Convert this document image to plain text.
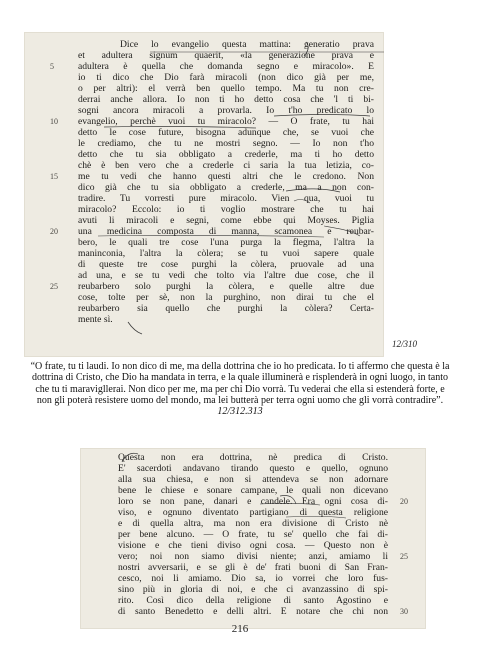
Dice lo evangelio questa mattina: generatio prava
et adultera signum quaerit, «la generazione prava e
adultera è quella che domanda segno e miracolo». E
io ti dico che Dio farà miracoli (non dico già per me,
o per altri): el verrà ben quello tempo. Ma tu non cre-
derrai anche allora. Io non ti ho detto cosa che 'l ti bi-
sogni ancora miracoli a provarla. Io t'ho predicato lo
evangelio, perchè vuoi tu miracolo? — O frate, tu hai
detto le cose future, bisogna adunque che, se vuoi che
le crediamo, che tu ne mostri segno. — Io non t'ho
detto che tu sia obbligato a crederle, ma ti ho detto
chè è ben vero che a crederle ci saria la tua letizia, co-
me tu vedi che hanno questi altri che le credono. Non
dico già che tu sia obbligato a crederle, ma a non con-
tradire. Tu vorresti pure miracolo. Vien qua, vuoi tu
miracolo? Eccolo: io ti voglio mostrare che tu hai
avuti li miracoli e segni, come ebbe qui Moyses. Piglia
una medicina composta di manna, scamonea e reubar-
bero, le quali tre cose l'una purga la flegma, l'altra la
maninconia, l'altra la còlera; se tu vuoi sapere quale
di queste tre cose purghi la còlera, pruovale ad una
ad una, e se tu vedi che tolto via l'altre due cose, che il
reubarbero solo purghi la còlera, e quelle altre due
cose, tolte per sè, non la purghino, non dirai tu che el
reubarbero sia quello che purghi la còlera? Certa-
mente sì.
5
10
15
20
25
12/310
“O frate, tu ti laudi. Io non dico di me, ma della dottrina che io ho predicata. Io ti affermo che questa è la dottrina di Cristo, che Dio ha mandata in terra, e la quale illuminerà e risplenderà in ogni luogo, in tanto che tu ti maravigllerai. Non dico per me, ma per chi Dio vorrà. Tu vederai che ella si estenderà forte, e non gli poterà resistere uomo del mondo, ma lei butterà per terra ogni uomo che gli vorrà contradire”. 12/312.313
Questa non era dottrina, nè predica di Cristo.
E' sacerdoti andavano tirando questo e quello, ognuno
alla sua chiesa, e non si attendeva se non adornare
bene le chiese e sonare campane, le quali non dicevano
loro se non pane, danari e candele. Era ogni cosa di-
viso, e ognuno diventato partigiano di questa religione
e di quella altra, ma non era divisione di Cristo nè
per bene alcuno. — O frate, tu se' quello che fai di-
visione e che tieni diviso ogni cosa. — Questo non è
vero; noi non siamo divisi niente; anzi, amiamo li
nostri avversarii, e se gli è de' frati buoni di San Fran-
cesco, noi li amiamo. Dio sa, io vorrei che loro fus-
sino più in gloria di noi, e che ci avanzassino di spi-
rito. Così dico della religione di santo Agostino e
di santo Benedetto e delli altri. E notare che chi non
20
25
30
216
